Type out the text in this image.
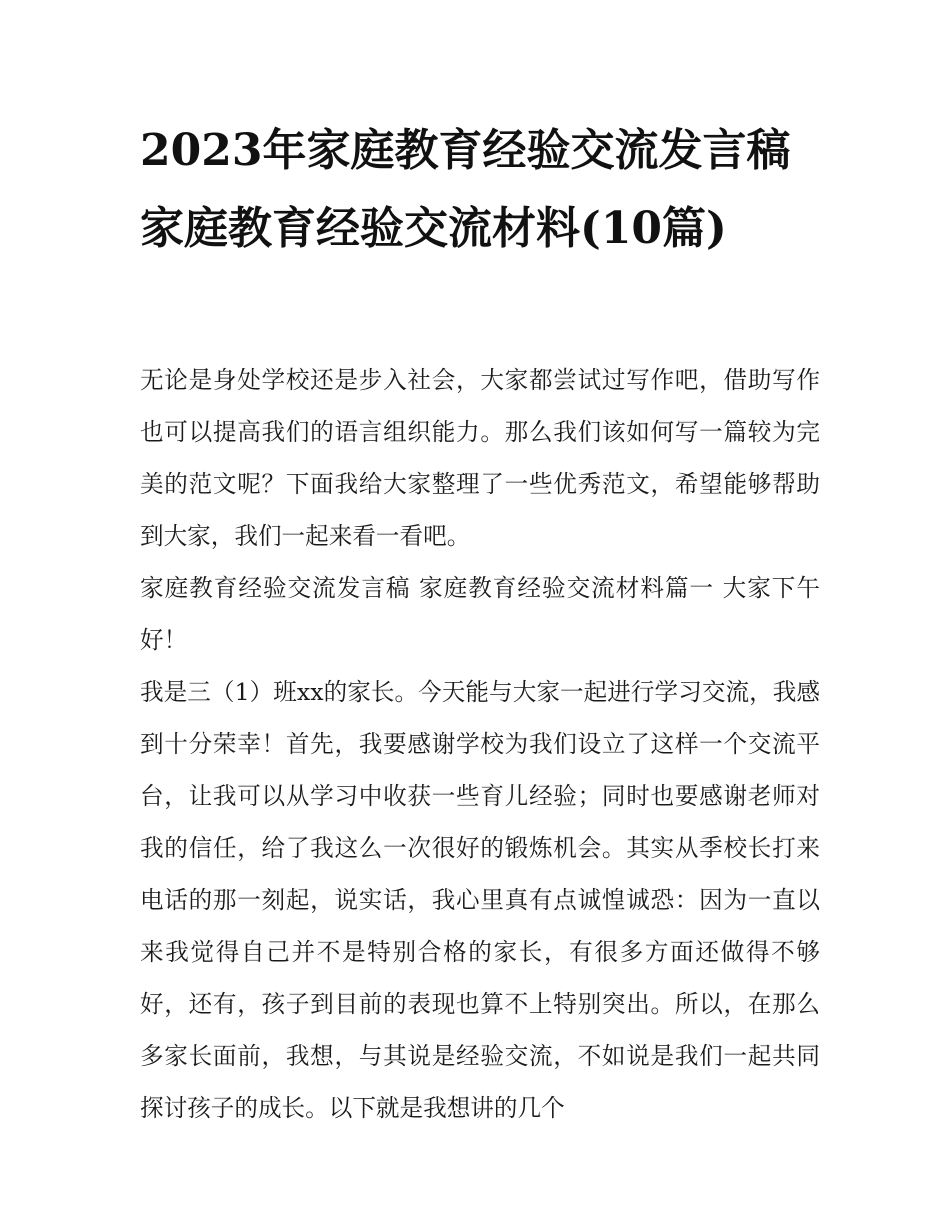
2023年家庭教育经验交流发言稿 家庭教育经验交流材料(10篇)

无论是身处学校还是步入社会，大家都尝试过写作吧，借助写作也可以提高我们的语言组织能力。那么我们该如何写一篇较为完美的范文呢？下面我给大家整理了一些优秀范文，希望能够帮助到大家，我们一起来看一看吧。

家庭教育经验交流发言稿 家庭教育经验交流材料篇一 大家下午好！

我是三（1）班xx的家长。今天能与大家一起进行学习交流，我感到十分荣幸！首先，我要感谢学校为我们设立了这样一个交流平台，让我可以从学习中收获一些育儿经验；同时也要感谢老师对我的信任，给了我这么一次很好的锻炼机会。其实从季校长打来电话的那一刻起，说实话，我心里真有点诚惶诚恐：因为一直以来我觉得自己并不是特别合格的家长，有很多方面还做得不够好，还有，孩子到目前的表现也算不上特别突出。所以，在那么多家长面前，我想，与其说是经验交流，不如说是我们一起共同探讨孩子的成长。以下就是我想讲的几个
